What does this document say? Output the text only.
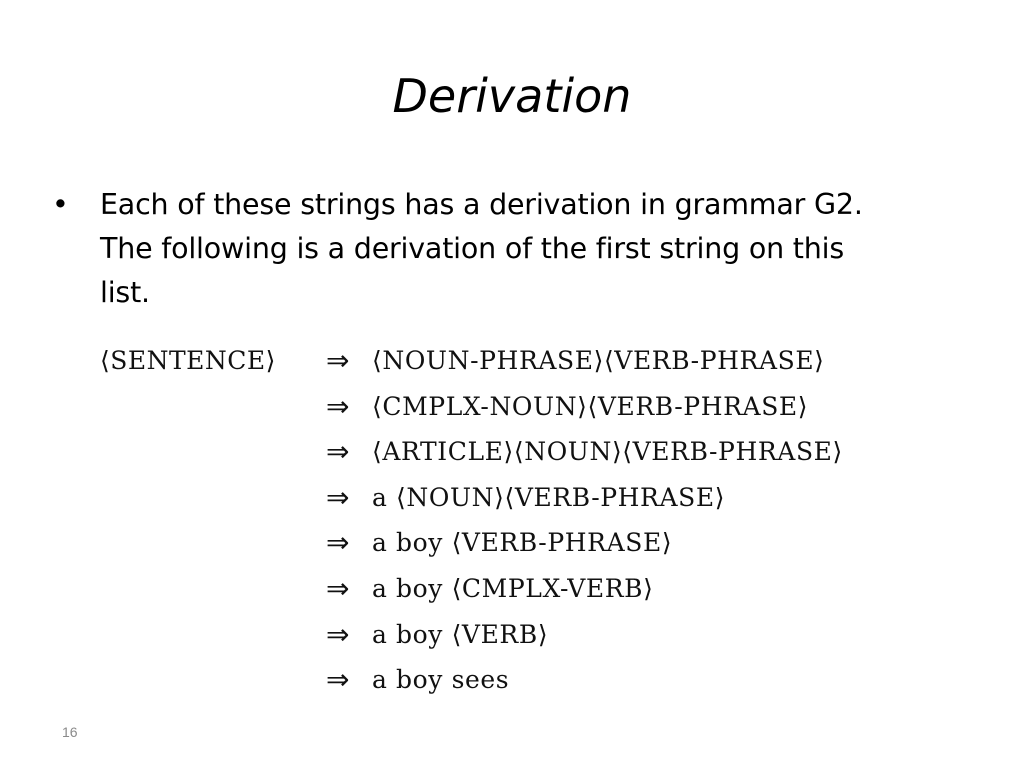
Derivation
•	Each of these strings has a derivation in grammar G2.
The following is a derivation of the first string on this
list.
⟨SENTENCE⟩ ⇒ ⟨NOUN-PHRASE⟩⟨VERB-PHRASE⟩
⇒ ⟨CMPLX-NOUN⟩⟨VERB-PHRASE⟩
⇒ ⟨ARTICLE⟩⟨NOUN⟩⟨VERB-PHRASE⟩
⇒ a ⟨NOUN⟩⟨VERB-PHRASE⟩
⇒ a boy ⟨VERB-PHRASE⟩
⇒ a boy ⟨CMPLX-VERB⟩
⇒ a boy ⟨VERB⟩
⇒ a boy sees
16
